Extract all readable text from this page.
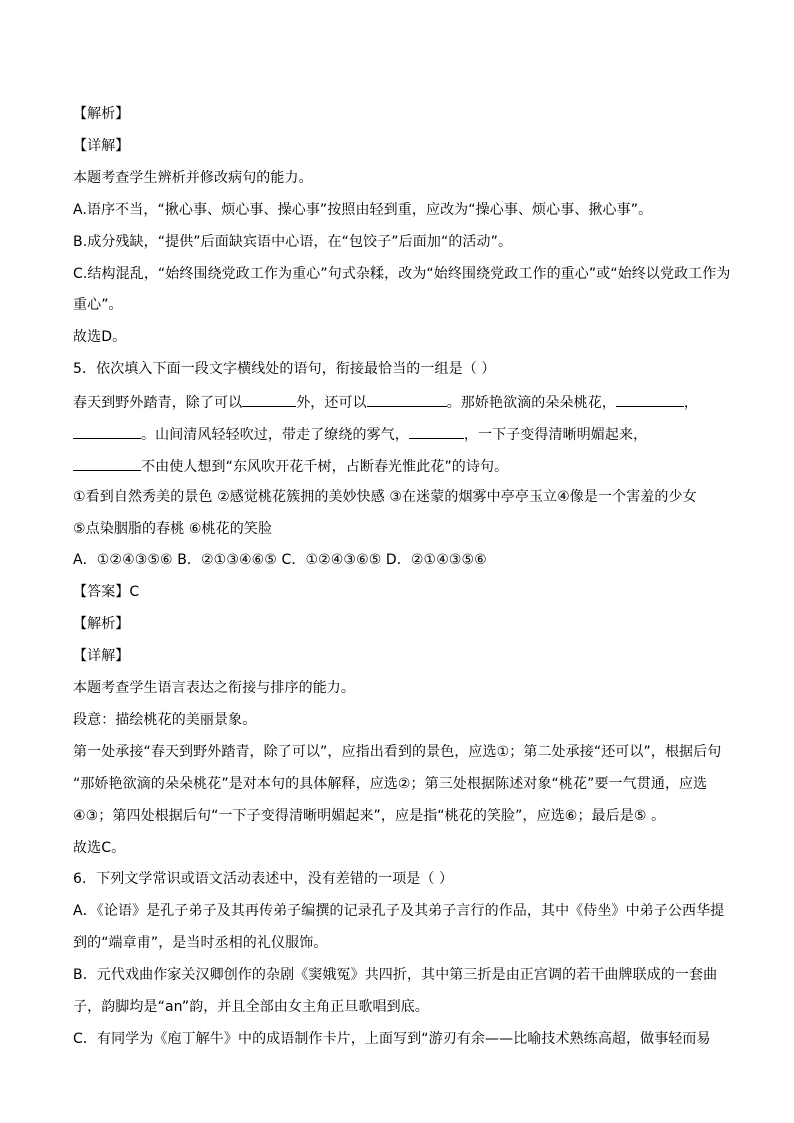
【解析】
【详解】
本题考查学生辨析并修改病句的能力。
A.语序不当，“揪心事、烦心事、操心事”按照由轻到重，应改为“操心事、烦心事、揪心事”。
B.成分残缺，“提供”后面缺宾语中心语，在“包饺子”后面加“的活动”。
C.结构混乱，“始终围绕党政工作为重心”句式杂糅，改为“始终围绕党政工作的重心”或“始终以党政工作为
重心”。
故选D。
5．依次填入下面一段文字横线处的语句，衔接最恰当的一组是（ ）
春天到野外踏青，除了可以	外，还可以	。那娇艳欲滴的朵朵桃花，	，
。山间清风轻轻吹过，带走了缭绕的雾气，	，一下子变得清晰明媚起来，
不由使人想到“东风吹开花千树，占断春光惟此花”的诗句。
①看到自然秀美的景色 ②感觉桃花簇拥的美妙快感 ③在迷蒙的烟雾中亭亭玉立④像是一个害羞的少女
⑤点染胭脂的春桃 ⑥桃花的笑脸
A．①②④③⑤⑥ B．②①③④⑥⑤ C．①②④③⑥⑤ D．②①④③⑤⑥
【答案】C
【解析】
【详解】
本题考查学生语言表达之衔接与排序的能力。
段意：描绘桃花的美丽景象。
第一处承接“春天到野外踏青，除了可以”，应指出看到的景色，应选①；第二处承接“还可以”，根据后句
“那娇艳欲滴的朵朵桃花”是对本句的具体解释，应选②；第三处根据陈述对象“桃花”要一气贯通，应选
④③；第四处根据后句“一下子变得清晰明媚起来”，应是指“桃花的笑脸”，应选⑥；最后是⑤ 。
故选C。
6．下列文学常识或语文活动表述中，没有差错的一项是（ ）
A．《论语》是孔子弟子及其再传弟子编撰的记录孔子及其弟子言行的作品，其中《侍坐》中弟子公西华提
到的“端章甫”，是当时丞相的礼仪服饰。
B．元代戏曲作家关汉卿创作的杂剧《窦娥冤》共四折，其中第三折是由正宫调的若干曲牌联成的一套曲
子，韵脚均是“an”韵，并且全部由女主角正旦歌唱到底。
C．有同学为《庖丁解牛》中的成语制作卡片，上面写到“游刃有余——比喻技术熟练高超，做事轻而易
